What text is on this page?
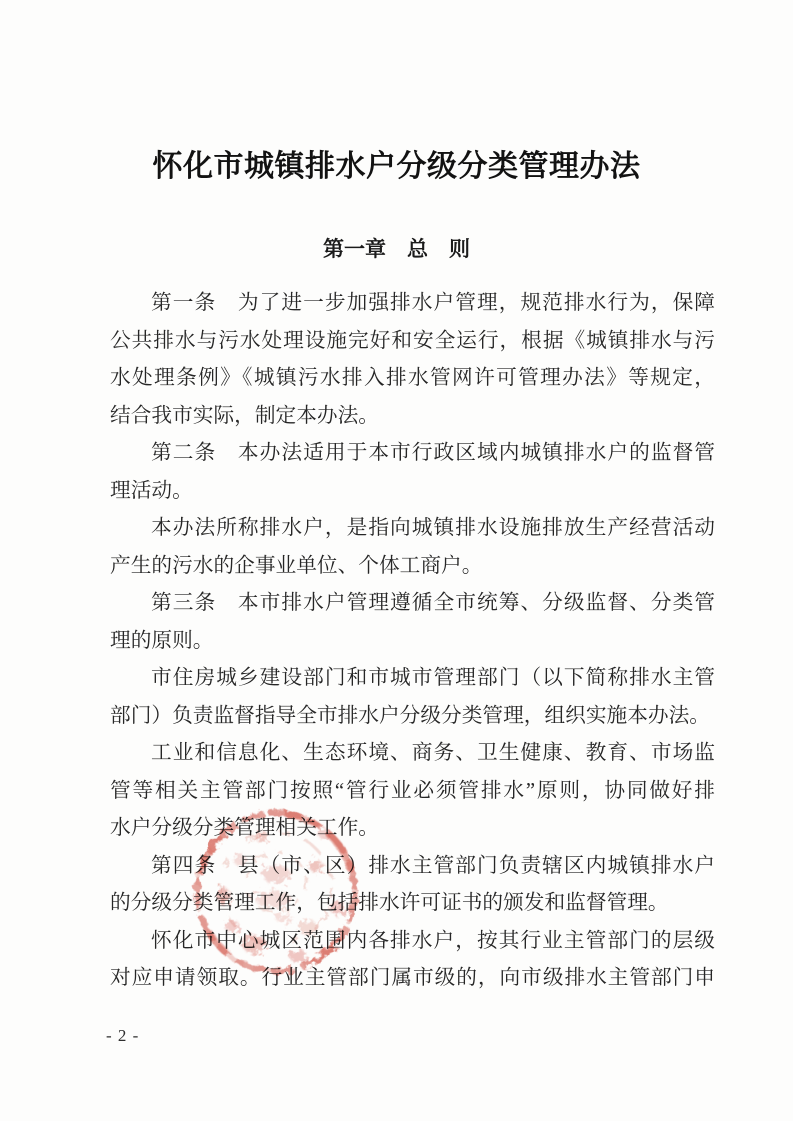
怀化市城镇排水户分级分类管理办法
第一章　总　则
第一条　为了进一步加强排水户管理，规范排水行为，保障
公共排水与污水处理设施完好和安全运行，根据《城镇排水与污
水处理条例》《城镇污水排入排水管网许可管理办法》等规定，
结合我市实际，制定本办法。
第二条　本办法适用于本市行政区域内城镇排水户的监督管
理活动。
本办法所称排水户，是指向城镇排水设施排放生产经营活动
产生的污水的企事业单位、个体工商户。
第三条　本市排水户管理遵循全市统筹、分级监督、分类管
理的原则。
市住房城乡建设部门和市城市管理部门（以下简称排水主管
部门）负责监督指导全市排水户分级分类管理，组织实施本办法。
工业和信息化、生态环境、商务、卫生健康、教育、市场监
管等相关主管部门按照“管行业必须管排水”原则，协同做好排
水户分级分类管理相关工作。
第四条　县（市、区）排水主管部门负责辖区内城镇排水户
的分级分类管理工作，包括排水许可证书的颁发和监督管理。
怀化市中心城区范围内各排水户，按其行业主管部门的层级
对应申请领取。行业主管部门属市级的，向市级排水主管部门申
- 2 -
